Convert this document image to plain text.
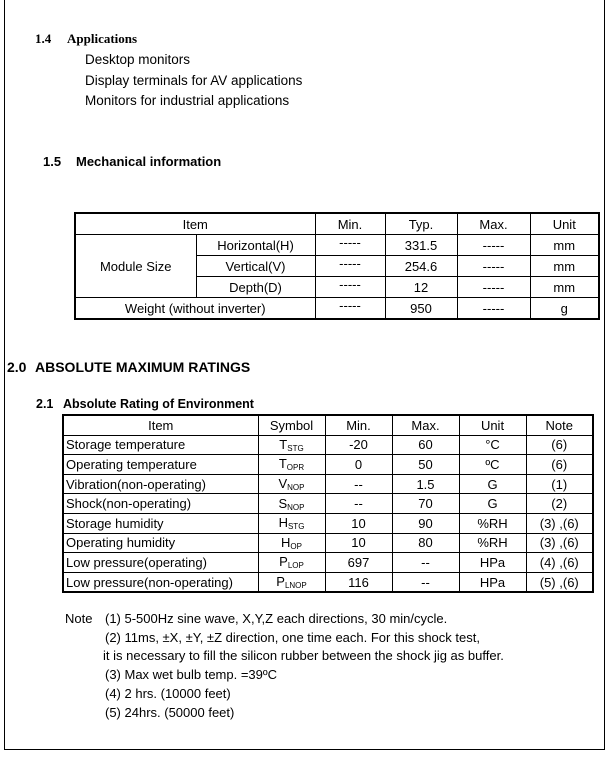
1.4 Applications
Desktop monitors
Display terminals for AV applications
Monitors for industrial applications
1.5 Mechanical information
Item		Min.	Typ.	Max.	Unit
Module Size	Horizontal(H)	-----	331.5	-----	mm
	Vertical(V)	-----	254.6	-----	mm
	Depth(D)	-----	12	-----	mm
Weight (without inverter)		-----	950	-----	g
2.0 ABSOLUTE MAXIMUM RATINGS
2.1 Absolute Rating of Environment
Item	Symbol	Min.	Max.	Unit	Note
Storage temperature	$T_{STG}$	-20	60	°C	(6)
Operating temperature	$T_{OPR}$	0	50	ºC	(6)
Vibration(non-operating)	$V_{NOP}$	--	1.5	G	(1)
Shock(non-operating)	$S_{NOP}$	--	70	G	(2)
Storage humidity	$H_{STG}$	10	90	%RH	(3) ,(6)
Operating humidity	$H_{OP}$	10	80	%RH	(3) ,(6)
Low pressure(operating)	$P_{LOP}$	697	--	HPa	(4) ,(6)
Low pressure(non-operating)	$P_{LNOP}$	116	--	HPa	(5) ,(6)
Note (1) 5-500Hz sine wave, X,Y,Z each directions, 30 min/cycle.
(2) 11ms, ±X, ±Y, ±Z direction, one time each. For this shock test,
it is necessary to fill the silicon rubber between the shock jig as buffer.
(3) Max wet bulb temp. =39ºC
(4) 2 hrs. (10000 feet)
(5) 24hrs. (50000 feet)
